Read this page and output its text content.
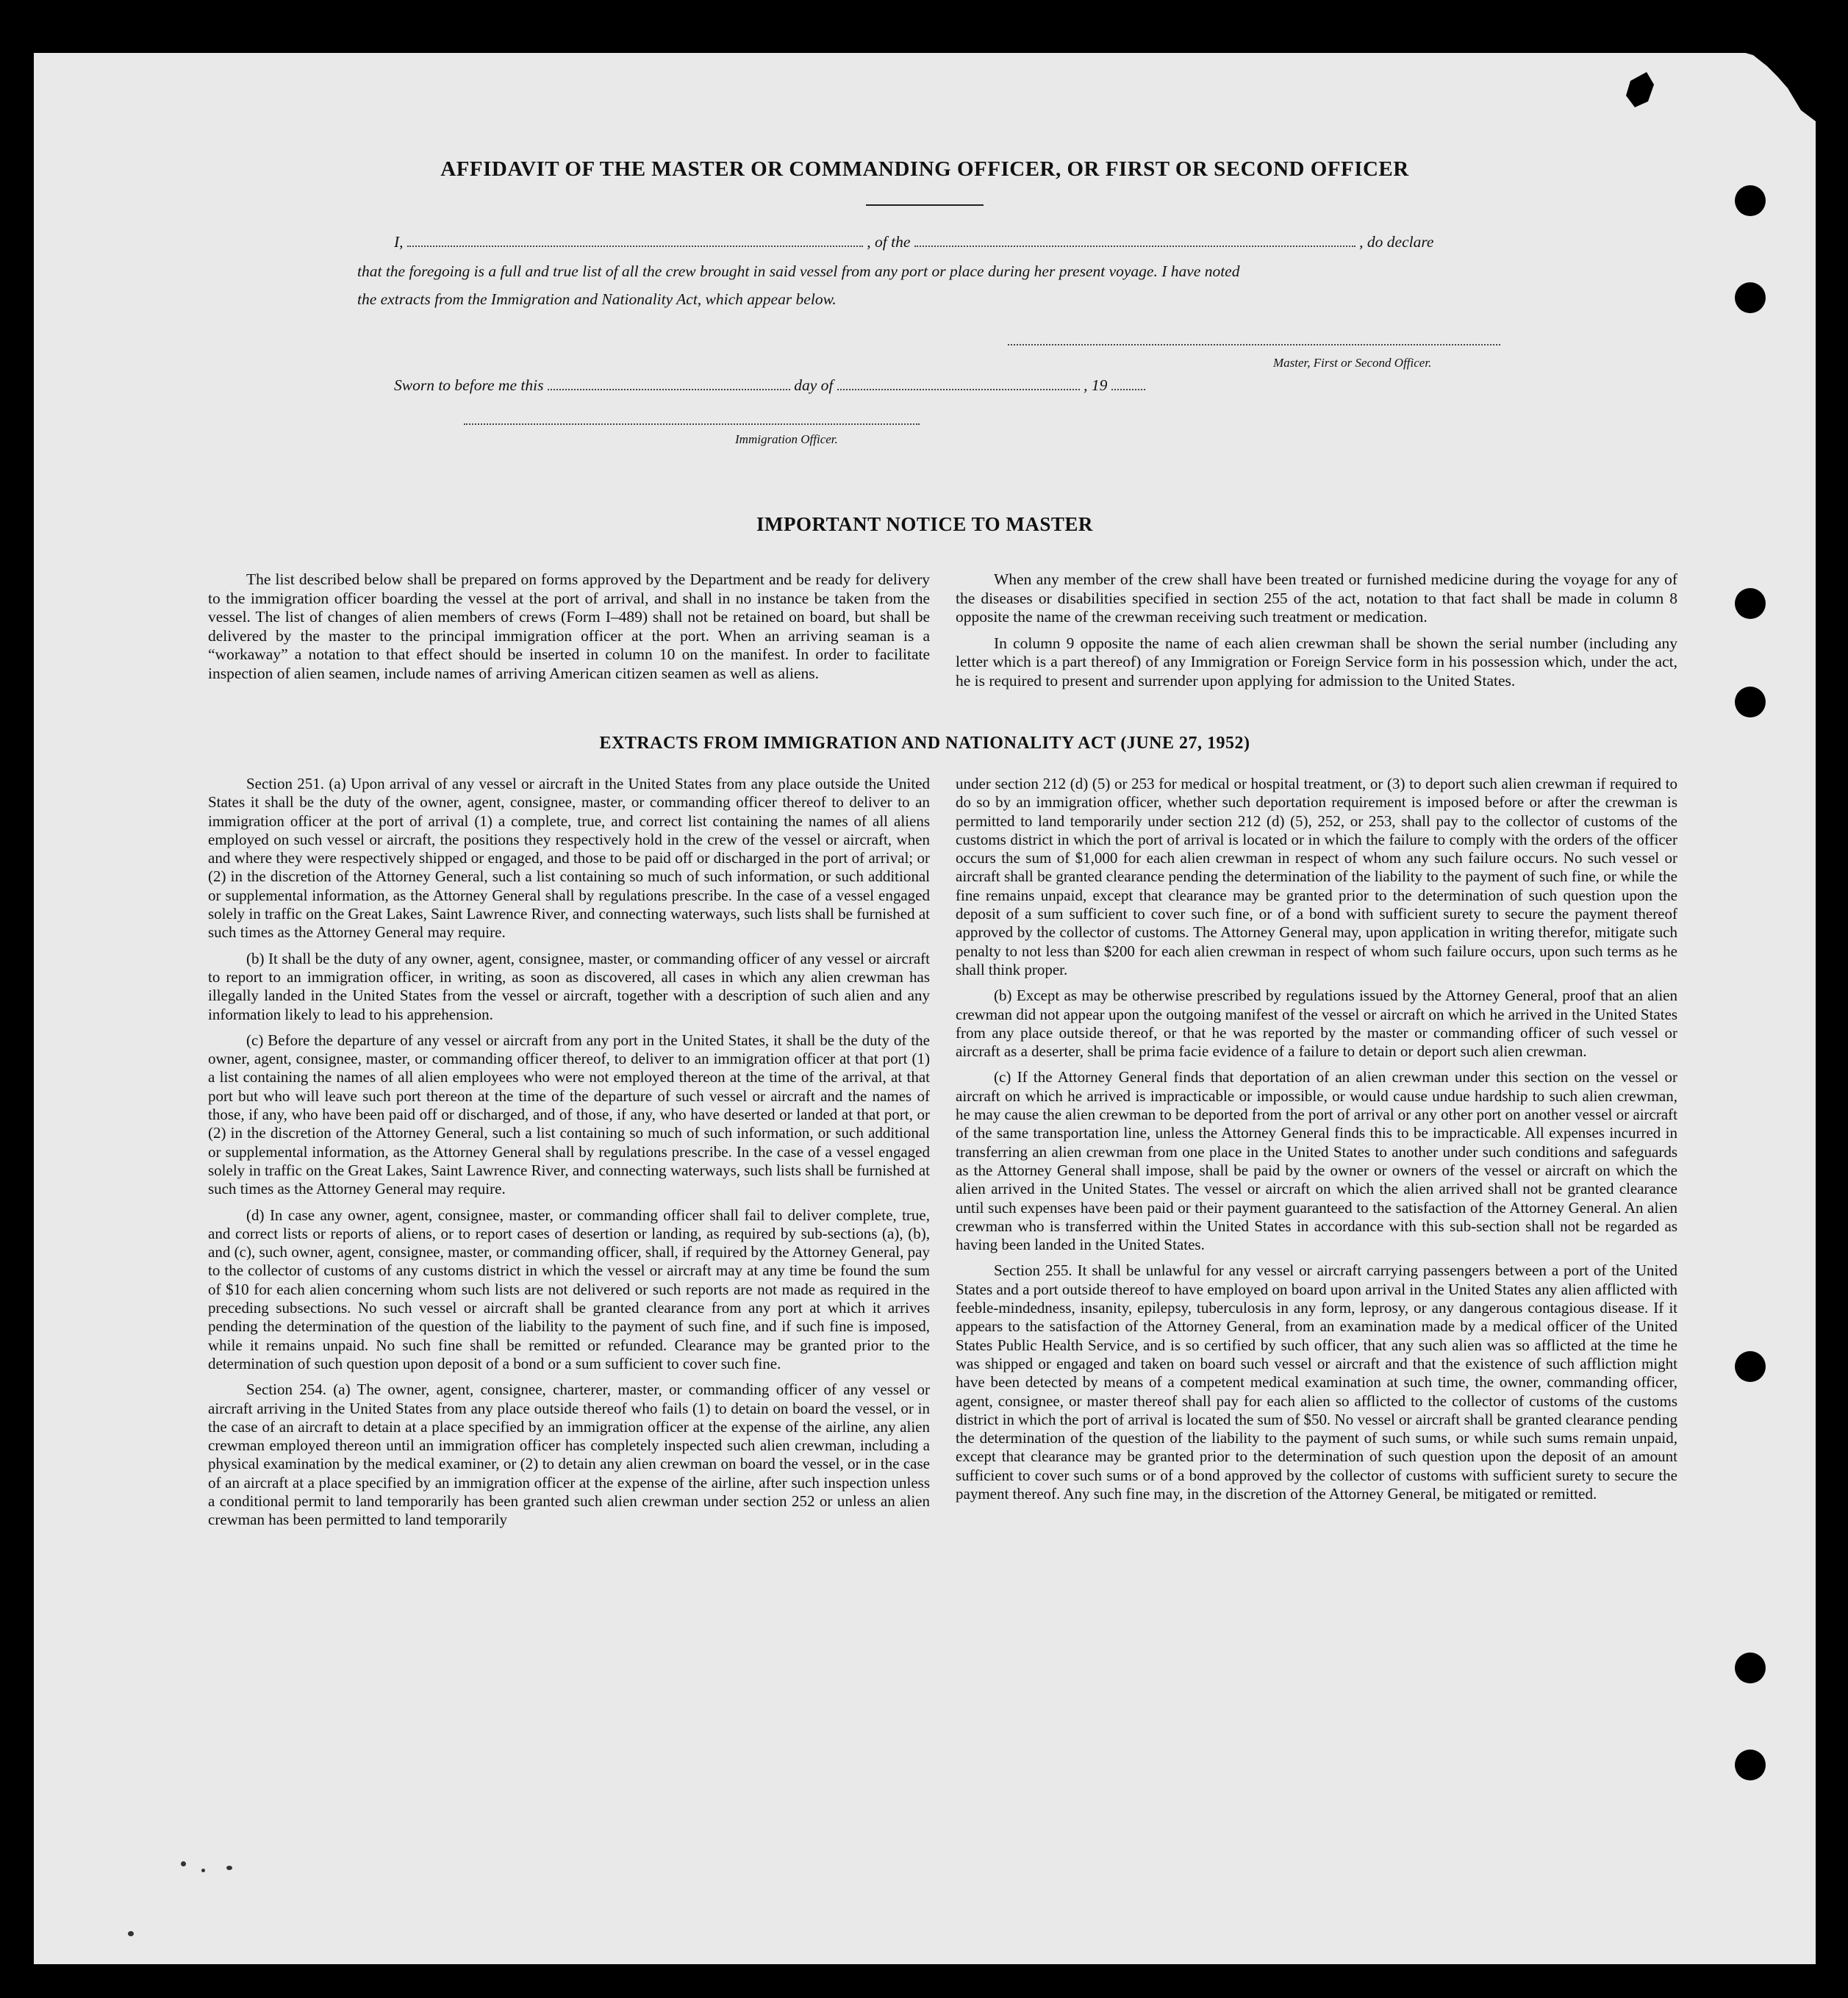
AFFIDAVIT OF THE MASTER OR COMMANDING OFFICER, OR FIRST OR SECOND OFFICER
I,	, of the	, do declare
that the foregoing is a full and true list of all the crew brought in said vessel from any port or place during her present voyage. I have noted
the extracts from the Immigration and Nationality Act, which appear below.
Master, First or Second Officer.
Sworn to before me this	day of	, 19
Immigration Officer.
IMPORTANT NOTICE TO MASTER

The list described below shall be prepared on forms approved by the Department and be ready for delivery to the immigration officer boarding the vessel at the port of arrival, and shall in no instance be taken from the vessel. The list of changes of alien members of crews (Form I–489) shall not be retained on board, but shall be delivered by the master to the principal immigration officer at the port. When an arriving seaman is a “workaway” a notation to that effect should be inserted in column 10 on the manifest. In order to facilitate inspection of alien seamen, include names of arriving American citizen seamen as well as aliens.

When any member of the crew shall have been treated or furnished medicine during the voyage for any of the diseases or disabilities specified in section 255 of the act, notation to that fact shall be made in column 8 opposite the name of the crewman receiving such treatment or medication.

In column 9 opposite the name of each alien crewman shall be shown the serial number (including any letter which is a part thereof) of any Immigration or Foreign Service form in his possession which, under the act, he is required to present and surrender upon applying for admission to the United States.

EXTRACTS FROM IMMIGRATION AND NATIONALITY ACT (JUNE 27, 1952)

Section 251. (a) Upon arrival of any vessel or aircraft in the United States from any place outside the United States it shall be the duty of the owner, agent, consignee, master, or commanding officer thereof to deliver to an immigration officer at the port of arrival (1) a complete, true, and correct list containing the names of all aliens employed on such vessel or aircraft, the positions they respectively hold in the crew of the vessel or aircraft, when and where they were respectively shipped or engaged, and those to be paid off or discharged in the port of arrival; or (2) in the discretion of the Attorney General, such a list containing so much of such information, or such additional or supplemental information, as the Attorney General shall by regulations prescribe. In the case of a vessel engaged solely in traffic on the Great Lakes, Saint Lawrence River, and connecting waterways, such lists shall be furnished at such times as the Attorney General may require.

(b) It shall be the duty of any owner, agent, consignee, master, or commanding officer of any vessel or aircraft to report to an immigration officer, in writing, as soon as discovered, all cases in which any alien crewman has illegally landed in the United States from the vessel or aircraft, together with a description of such alien and any information likely to lead to his apprehension.

(c) Before the departure of any vessel or aircraft from any port in the United States, it shall be the duty of the owner, agent, consignee, master, or commanding officer thereof, to deliver to an immigration officer at that port (1) a list containing the names of all alien employees who were not employed thereon at the time of the arrival, at that port but who will leave such port thereon at the time of the departure of such vessel or aircraft and the names of those, if any, who have been paid off or discharged, and of those, if any, who have deserted or landed at that port, or (2) in the discretion of the Attorney General, such a list containing so much of such information, or such additional or supplemental information, as the Attorney General shall by regulations prescribe. In the case of a vessel engaged solely in traffic on the Great Lakes, Saint Lawrence River, and connecting waterways, such lists shall be furnished at such times as the Attorney General may require.

(d) In case any owner, agent, consignee, master, or commanding officer shall fail to deliver complete, true, and correct lists or reports of aliens, or to report cases of desertion or landing, as required by sub-sections (a), (b), and (c), such owner, agent, consignee, master, or commanding officer, shall, if required by the Attorney General, pay to the collector of customs of any customs district in which the vessel or aircraft may at any time be found the sum of $10 for each alien concerning whom such lists are not delivered or such reports are not made as required in the preceding subsections. No such vessel or aircraft shall be granted clearance from any port at which it arrives pending the determination of the question of the liability to the payment of such fine, and if such fine is imposed, while it remains unpaid. No such fine shall be remitted or refunded. Clearance may be granted prior to the determination of such question upon deposit of a bond or a sum sufficient to cover such fine.

Section 254. (a) The owner, agent, consignee, charterer, master, or commanding officer of any vessel or aircraft arriving in the United States from any place outside thereof who fails (1) to detain on board the vessel, or in the case of an aircraft to detain at a place specified by an immigration officer at the expense of the airline, any alien crewman employed thereon until an immigration officer has completely inspected such alien crewman, including a physical examination by the medical examiner, or (2) to detain any alien crewman on board the vessel, or in the case of an aircraft at a place specified by an immigration officer at the expense of the airline, after such inspection unless a conditional permit to land temporarily has been granted such alien crewman under section 252 or unless an alien crewman has been permitted to land temporarily

under section 212 (d) (5) or 253 for medical or hospital treatment, or (3) to deport such alien crewman if required to do so by an immigration officer, whether such deportation requirement is imposed before or after the crewman is permitted to land temporarily under section 212 (d) (5), 252, or 253, shall pay to the collector of customs of the customs district in which the port of arrival is located or in which the failure to comply with the orders of the officer occurs the sum of $1,000 for each alien crewman in respect of whom any such failure occurs. No such vessel or aircraft shall be granted clearance pending the determination of the liability to the payment of such fine, or while the fine remains unpaid, except that clearance may be granted prior to the determination of such question upon the deposit of a sum sufficient to cover such fine, or of a bond with sufficient surety to secure the payment thereof approved by the collector of customs. The Attorney General may, upon application in writing therefor, mitigate such penalty to not less than $200 for each alien crewman in respect of whom such failure occurs, upon such terms as he shall think proper.

(b) Except as may be otherwise prescribed by regulations issued by the Attorney General, proof that an alien crewman did not appear upon the outgoing manifest of the vessel or aircraft on which he arrived in the United States from any place outside thereof, or that he was reported by the master or commanding officer of such vessel or aircraft as a deserter, shall be prima facie evidence of a failure to detain or deport such alien crewman.

(c) If the Attorney General finds that deportation of an alien crewman under this section on the vessel or aircraft on which he arrived is impracticable or impossible, or would cause undue hardship to such alien crewman, he may cause the alien crewman to be deported from the port of arrival or any other port on another vessel or aircraft of the same transportation line, unless the Attorney General finds this to be impracticable. All expenses incurred in transferring an alien crewman from one place in the United States to another under such conditions and safeguards as the Attorney General shall impose, shall be paid by the owner or owners of the vessel or aircraft on which the alien arrived in the United States. The vessel or aircraft on which the alien arrived shall not be granted clearance until such expenses have been paid or their payment guaranteed to the satisfaction of the Attorney General. An alien crewman who is transferred within the United States in accordance with this sub-section shall not be regarded as having been landed in the United States.

Section 255. It shall be unlawful for any vessel or aircraft carrying passengers between a port of the United States and a port outside thereof to have employed on board upon arrival in the United States any alien afflicted with feeble-mindedness, insanity, epilepsy, tuberculosis in any form, leprosy, or any dangerous contagious disease. If it appears to the satisfaction of the Attorney General, from an examination made by a medical officer of the United States Public Health Service, and is so certified by such officer, that any such alien was so afflicted at the time he was shipped or engaged and taken on board such vessel or aircraft and that the existence of such affliction might have been detected by means of a competent medical examination at such time, the owner, commanding officer, agent, consignee, or master thereof shall pay for each alien so afflicted to the collector of customs of the customs district in which the port of arrival is located the sum of $50. No vessel or aircraft shall be granted clearance pending the determination of the question of the liability to the payment of such sums, or while such sums remain unpaid, except that clearance may be granted prior to the determination of such question upon the deposit of an amount sufficient to cover such sums or of a bond approved by the collector of customs with sufficient surety to secure the payment thereof. Any such fine may, in the discretion of the Attorney General, be mitigated or remitted.
